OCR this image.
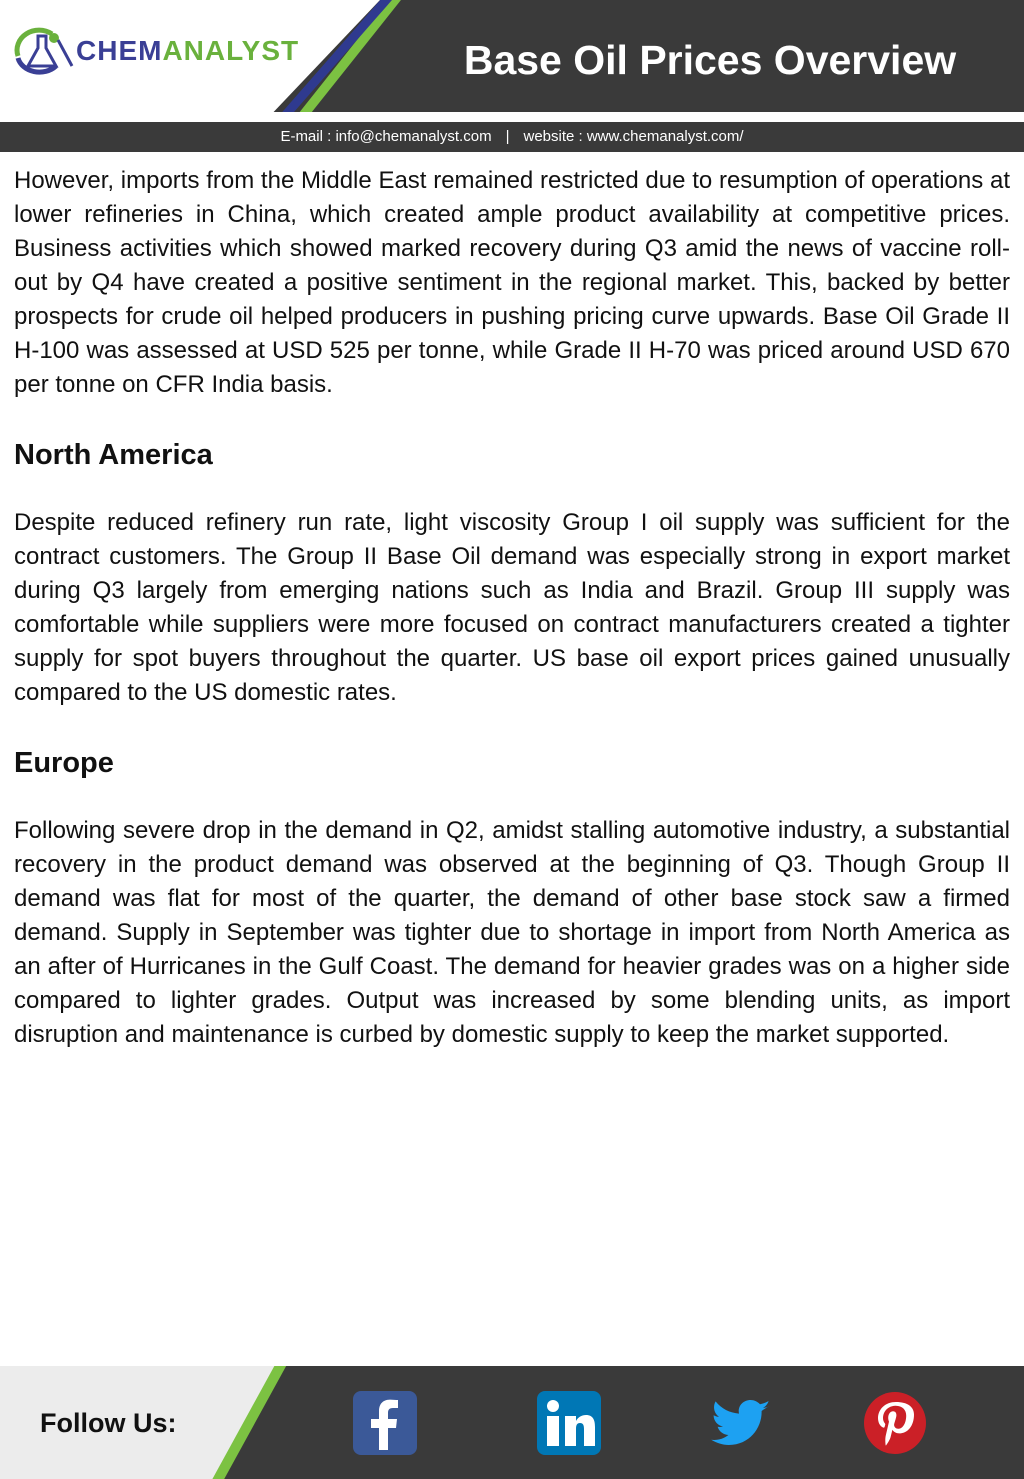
CHEMANALYST	Base Oil Prices Overview
E-mail : info@chemanalyst.com | website : www.chemanalyst.com/

However, imports from the Middle East remained restricted due to resumption of operations at lower refineries in China, which created ample product availability at competitive prices. Business activities which showed marked recovery during Q3 amid the news of vaccine roll-out by Q4 have created a positive sentiment in the regional market. This, backed by better prospects for crude oil helped producers in pushing pricing curve upwards. Base Oil Grade II H-100 was assessed at USD 525 per tonne, while Grade II H-70 was priced around USD 670 per tonne on CFR India basis.

North America

Despite reduced refinery run rate, light viscosity Group I oil supply was sufficient for the contract customers. The Group II Base Oil demand was especially strong in export market during Q3 largely from emerging nations such as India and Brazil. Group III supply was comfortable while suppliers were more focused on contract manufacturers created a tighter supply for spot buyers throughout the quarter. US base oil export prices gained unusually compared to the US domestic rates.

Europe

Following severe drop in the demand in Q2, amidst stalling automotive industry, a substantial recovery in the product demand was observed at the beginning of Q3. Though Group II demand was flat for most of the quarter, the demand of other base stock saw a firmed demand. Supply in September was tighter due to shortage in import from North America as an after of Hurricanes in the Gulf Coast. The demand for heavier grades was on a higher side compared to lighter grades. Output was increased by some blending units, as import disruption and maintenance is curbed by domestic supply to keep the market supported.

Follow Us:
